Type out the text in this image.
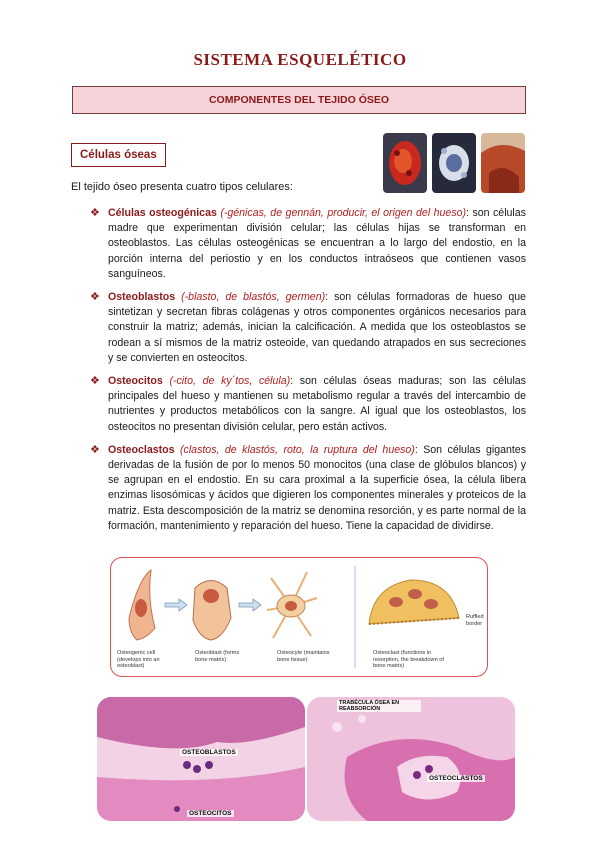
SISTEMA ESQUELÉTICO
COMPONENTES DEL TEJIDO ÓSEO
Células óseas
El tejido óseo presenta cuatro tipos celulares:
❖ Células osteogénicas (-génicas, de gennán, producir, el origen del hueso): son células madre que experimentan división celular; las células hijas se transforman en osteoblastos. Las células osteogénicas se encuentran a lo largo del endostio, en la porción interna del periostio y en los conductos intraóseos que contienen vasos sanguíneos.
❖ Osteoblastos (-blasto, de blastós, germen): son células formadoras de hueso que sintetizan y secretan fibras colágenas y otros componentes orgánicos necesarios para construir la matriz; además, inician la calcificación. A medida que los osteoblastos se rodean a sí mismos de la matriz osteoide, van quedando atrapados en sus secreciones y se convierten en osteocitos.
❖ Osteocitos (-cito, de ky´tos, célula): son células óseas maduras; son las células principales del hueso y mantienen su metabolismo regular a través del intercambio de nutrientes y productos metabólicos con la sangre. Al igual que los osteoblastos, los osteocitos no presentan división celular, pero están activos.
❖ Osteoclastos (clastos, de klastós, roto, la ruptura del hueso): Son células gigantes derivadas de la fusión de por lo menos 50 monocitos (una clase de glóbulos blancos) y se agrupan en el endostio. En su cara proximal a la superficie ósea, la célula libera enzimas lisosómicas y ácidos que digieren los componentes minerales y proteicos de la matriz. Esta descomposición de la matriz se denomina resorción, y es parte normal de la formación, mantenimiento y reparación del hueso. Tiene la capacidad de dividirse.
Osteogenic cell (develops into an osteoblast)
Osteoblast (forms bone matrix)
Osteocyte (maintains bone tissue)
Osteoclast (functions in resorption, the breakdown of bone matrix)
Ruffled border
OSTEOBLASTOS
OSTEOCITOS
TRABÉCULA ÓSEA EN REABSORCIÓN
OSTEOCLASTOS
